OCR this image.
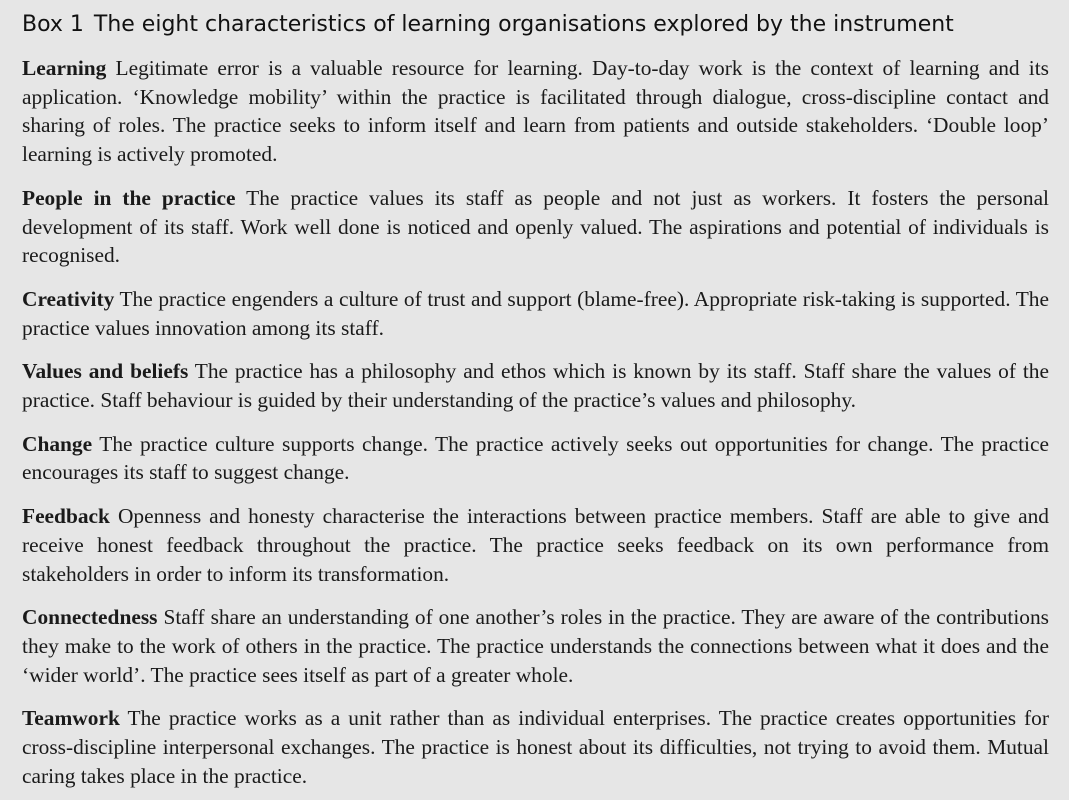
Box 1 The eight characteristics of learning organisations explored by the instrument

Learning Legitimate error is a valuable resource for learning. Day-to-day work is the context of learning and its application. ‘Knowledge mobility’ within the practice is facilitated through dialogue, cross-discipline contact and sharing of roles. The practice seeks to inform itself and learn from patients and outside stakeholders. ‘Double loop’ learning is actively promoted.

People in the practice The practice values its staff as people and not just as workers. It fosters the personal development of its staff. Work well done is noticed and openly valued. The aspirations and potential of individuals is recognised.

Creativity The practice engenders a culture of trust and support (blame-free). Appropriate risk-taking is supported. The practice values innovation among its staff.

Values and beliefs The practice has a philosophy and ethos which is known by its staff. Staff share the values of the practice. Staff behaviour is guided by their understanding of the practice’s values and philosophy.

Change The practice culture supports change. The practice actively seeks out opportunities for change. The practice encourages its staff to suggest change.

Feedback Openness and honesty characterise the interactions between practice members. Staff are able to give and receive honest feedback throughout the practice. The practice seeks feedback on its own performance from stakeholders in order to inform its transformation.

Connectedness Staff share an understanding of one another’s roles in the practice. They are aware of the contributions they make to the work of others in the practice. The practice understands the connections between what it does and the ‘wider world’. The practice sees itself as part of a greater whole.

Teamwork The practice works as a unit rather than as individual enterprises. The practice creates opportunities for cross-discipline interpersonal exchanges. The practice is honest about its difficulties, not trying to avoid them. Mutual caring takes place in the practice.
